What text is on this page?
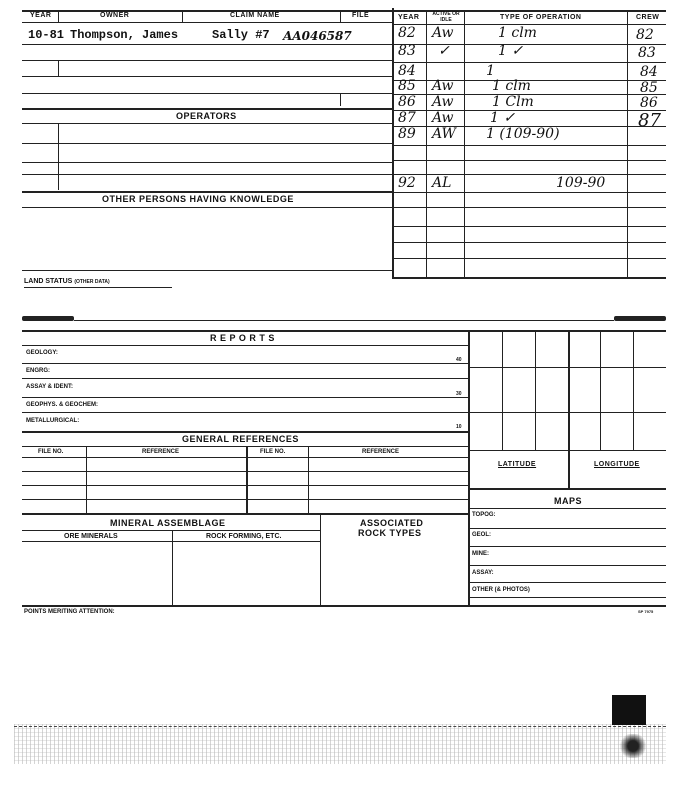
YEAR	OWNER	CLAIM NAME	FILE
10-81 Thompson, James	Sally #7 AA046587
OPERATORS
OTHER PERSONS HAVING KNOWLEDGE
YEAR	ACTIVE OR IDLE	TYPE OF OPERATION	CREW
82 Aw	1 clm	82
83 ✓	1 ✓	83
84	1	84
85 Aw	1 clm	85
86 Aw	1 Clm	86
87 Aw	1 ✓	87
89 AW 1 (109-90)
92 AL	109-90
LAND STATUS (OTHER DATA)
R E P O R T S
GEOLOGY:
40
ENGRG:
ASSAY & IDENT:
30
GEOPHYS. & GEOCHEM:
METALLURGICAL:
10
GENERAL REFERENCES
FILE NO.	REFERENCE	FILE NO.	REFERENCE
LATITUDE	LONGITUDE
MAPS
TOPOG:
GEOL:
MINE:
ASSAY:
OTHER (& PHOTOS)
MINERAL ASSEMBLAGE
ORE MINERALS	ROCK FORMING, ETC.
ASSOCIATED
ROCK TYPES
POINTS MERITING ATTENTION:	SP 7975
